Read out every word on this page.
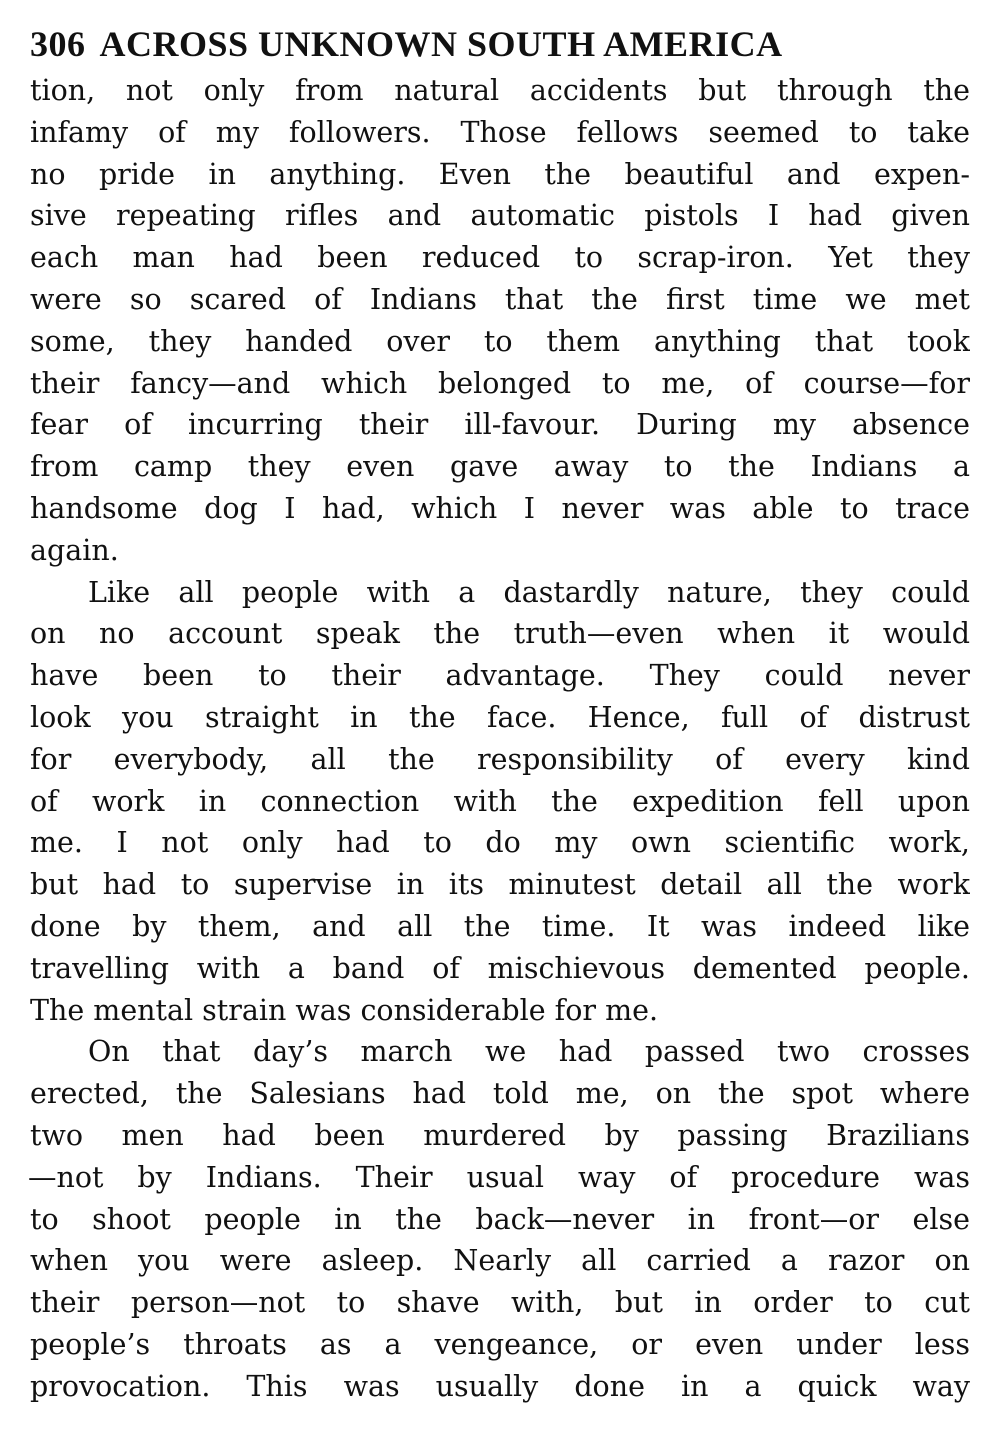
306 ACROSS UNKNOWN SOUTH AMERICA
tion, not only from natural accidents but through the
infamy of my followers. Those fellows seemed to take
no pride in anything. Even the beautiful and expen-
sive repeating rifles and automatic pistols I had given
each man had been reduced to scrap-iron. Yet they
were so scared of Indians that the first time we met
some, they handed over to them anything that took
their fancy—and which belonged to me, of course—for
fear of incurring their ill-favour. During my absence
from camp they even gave away to the Indians a
handsome dog I had, which I never was able to trace
again.
Like all people with a dastardly nature, they could
on no account speak the truth—even when it would
have been to their advantage. They could never
look you straight in the face. Hence, full of distrust
for everybody, all the responsibility of every kind
of work in connection with the expedition fell upon
me. I not only had to do my own scientific work,
but had to supervise in its minutest detail all the work
done by them, and all the time. It was indeed like
travelling with a band of mischievous demented people.
The mental strain was considerable for me.
On that day’s march we had passed two crosses
erected, the Salesians had told me, on the spot where
two men had been murdered by passing Brazilians
—not by Indians. Their usual way of procedure was
to shoot people in the back—never in front—or else
when you were asleep. Nearly all carried a razor on
their person—not to shave with, but in order to cut
people’s throats as a vengeance, or even under less
provocation. This was usually done in a quick way
